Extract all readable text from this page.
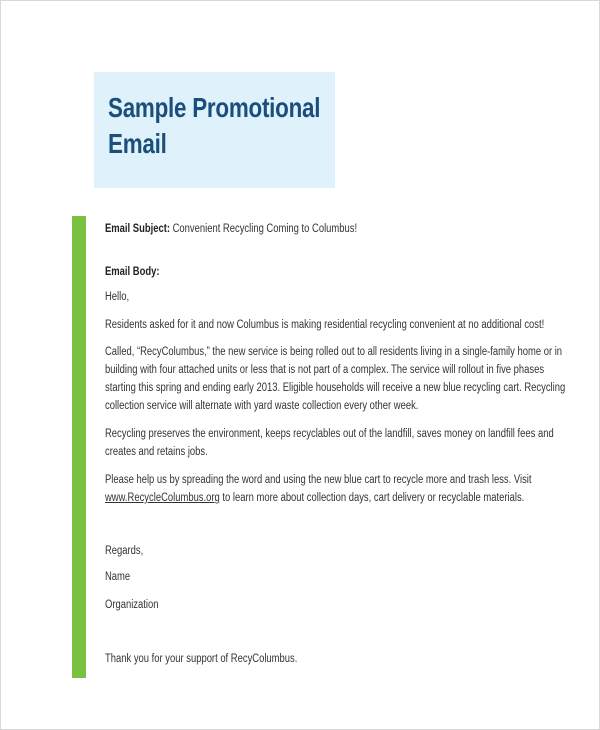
Sample Promotional
Email
Email Subject: Convenient Recycling Coming to Columbus!
Email Body:
Hello,
Residents asked for it and now Columbus is making residential recycling convenient at no additional cost!
Called, “RecyColumbus,” the new service is being rolled out to all residents living in a single-family home or in
building with four attached units or less that is not part of a complex. The service will rollout in five phases
starting this spring and ending early 2013. Eligible households will receive a new blue recycling cart. Recycling
collection service will alternate with yard waste collection every other week.
Recycling preserves the environment, keeps recyclables out of the landfill, saves money on landfill fees and
creates and retains jobs.
Please help us by spreading the word and using the new blue cart to recycle more and trash less. Visit
www.RecycleColumbus.org to learn more about collection days, cart delivery or recyclable materials.
Regards,
Name
Organization
Thank you for your support of RecyColumbus.
